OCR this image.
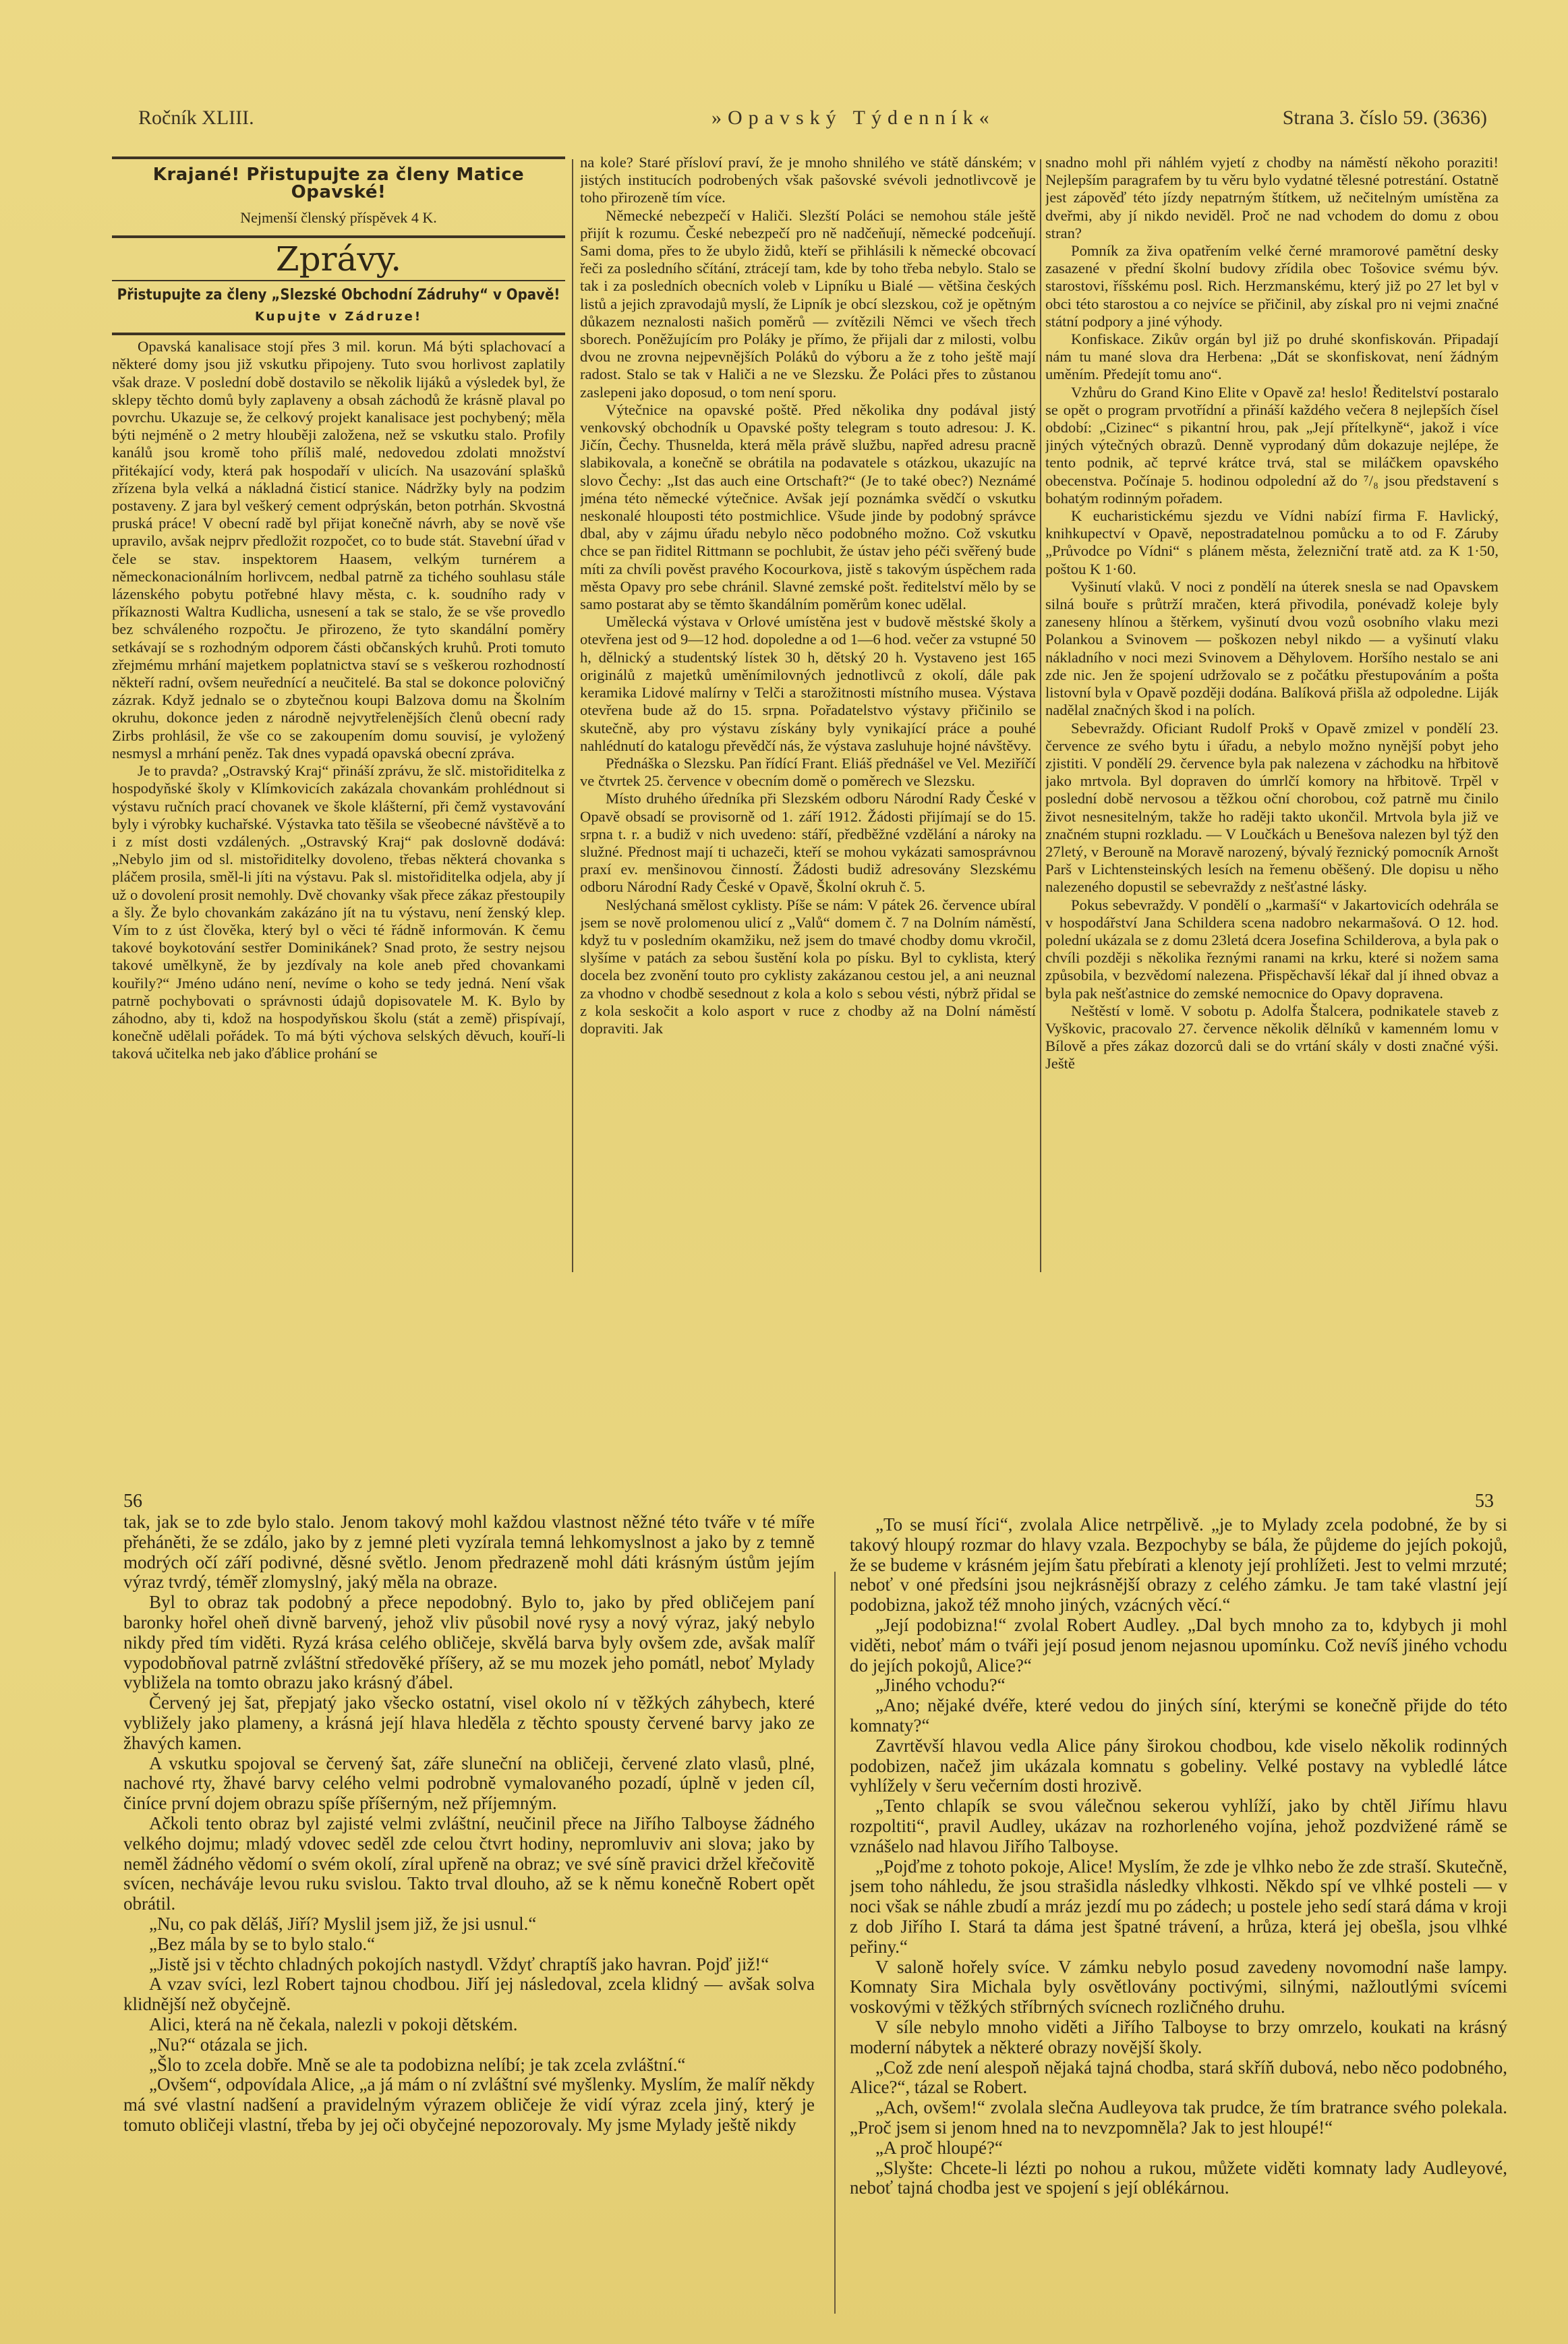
Ročník XLIII.	»Opavský Týdenník«	Strana 3. číslo 59. (3636)
Krajané! Přistupujte za členy Matice Opavské!
Nejmenší členský příspěvek 4 K.
Zprávy.
Přistupujte za členy „Slezské Obchodní Zádruhy“ v Opavě!
Kupujte v Zádruze!

Opavská kanalisace stojí přes 3 mil. korun. Má býti splachovací a některé domy jsou již vskutku připojeny. Tuto svou horlivost zaplatily však draze. V poslední době dostavilo se několik lijáků a výsledek byl, že sklepy těchto domů byly zaplaveny a obsah záchodů že krásně plaval po povrchu. Ukazuje se, že celkový projekt kanalisace jest pochybený; měla býti nejméně o 2 metry hlouběji založena, než se vskutku stalo. Profily kanálů jsou kromě toho příliš malé, nedovedou zdolati množství přitékající vody, která pak hospodaří v ulicích. Na usazování splašků zřízena byla velká a nákladná čisticí stanice. Nádržky byly na podzim postaveny. Z jara byl veškerý cement odprýskán, beton potrhán. Skvostná pruská práce! V obecní radě byl přijat konečně návrh, aby se nově vše upravilo, avšak nejprv předložit rozpočet, co to bude stát. Stavební úřad v čele se stav. inspektorem Haasem, velkým turnérem a německonacionálním horlivcem, nedbal patrně za tichého souhlasu stále lázenského pobytu potřebné hlavy města, c. k. soudního rady v příkaznosti Waltra Kudlicha, usnesení a tak se stalo, že se vše provedlo bez schváleného rozpočtu. Je přirozeno, že tyto skandální poměry setkávají se s rozhodným odporem části občanských kruhů. Proti tomuto zřejmému mrhání majetkem poplatnictva staví se s veškerou rozhodností někteří radní, ovšem neuřednící a neučitelé. Ba stal se dokonce polovičný zázrak. Když jednalo se o zbytečnou koupi Balzova domu na Školním okruhu, dokonce jeden z národně nejvytřelenějších členů obecní rady Zirbs prohlásil, že vše co se zakoupením domu souvisí, je vyložený nesmysl a mrhání peněz. Tak dnes vypadá opavská obecní zpráva.

Je to pravda? „Ostravský Kraj“ přináší zprávu, že slč. mistořiditelka z hospodyňské školy v Klímkovicích zakázala chovankám prohlédnout si výstavu ručních prací chovanek ve škole klášterní, při čemž vystavování byly i výrobky kuchařské. Výstavka tato těšila se všeobecné návštěvě a to i z míst dosti vzdálených. „Ostravský Kraj“ pak doslovně dodává: „Nebylo jim od sl. mistořiditelky dovoleno, třebas některá chovanka s pláčem prosila, směl-li jíti na výstavu. Pak sl. mistořiditelka odjela, aby jí už o dovolení prosit nemohly. Dvě chovanky však přece zákaz přestoupily a šly. Že bylo chovankám zakázáno jít na tu výstavu, není ženský klep. Vím to z úst člověka, který byl o věci té řádně informován. K čemu takové boykotování sestřer Dominikánek? Snad proto, že sestry nejsou takové umělkyně, že by jezdívaly na kole aneb před chovankami kouřily?“ Jméno udáno není, nevíme o koho se tedy jedná. Není však patrně pochybovati o správnosti údajů dopisovatele M. K. Bylo by záhodno, aby ti, kdož na hospodyňskou školu (stát a země) přispívají, konečně udělali pořádek. To má býti výchova selských děvuch, kouří-li taková učitelka neb jako ďáblice prohání se

na kole? Staré přísloví praví, že je mnoho shnilého ve státě dánském; v jistých institucích podrobených však pašovské svévoli jednotlivcově je toho přirozeně tím více.

Německé nebezpečí v Haliči. Slezští Poláci se nemohou stále ještě přijít k rozumu. České nebezpečí pro ně nadčeňují, německé podceňují. Sami doma, přes to že ubylo židů, kteří se přihlásili k německé obcovací řeči za posledního sčítání, ztrácejí tam, kde by toho třeba nebylo. Stalo se tak i za posledních obecních voleb v Lipníku u Bialé — většina českých listů a jejich zpravodajů myslí, že Lipník je obcí slezskou, což je opětným důkazem neznalosti našich poměrů — zvítězili Němci ve všech třech sborech. Poněžujícím pro Poláky je přímo, že přijali dar z milosti, volbu dvou ne zrovna nejpevnějších Poláků do výboru a že z toho ještě mají radost. Stalo se tak v Haliči a ne ve Slezsku. Že Poláci přes to zůstanou zaslepeni jako doposud, o tom není sporu.

Výtečnice na opavské poště. Před několika dny podával jistý venkovský obchodník u Opavské pošty telegram s touto adresou: J. K. Jičín, Čechy. Thusnelda, která měla právě službu, napřed adresu pracně slabikovala, a konečně se obrátila na podavatele s otázkou, ukazujíc na slovo Čechy: „Ist das auch eine Ortschaft?“ (Je to také obec?) Neznámé jména této německé výtečnice. Avšak její poznámka svědčí o vskutku neskonalé hlouposti této postmichlice. Všude jinde by podobný správce dbal, aby v zájmu úřadu nebylo něco podobného možno. Což vskutku chce se pan řiditel Rittmann se pochlubit, že ústav jeho péči svěřený bude míti za chvíli pověst pravého Kocourkova, jistě s takovým úspěchem rada města Opavy pro sebe chránil. Slavné zemské pošt. ředitelství mělo by se samo postarat aby se těmto škandálním poměrům konec udělal.

Umělecká výstava v Orlové umístěna jest v budově městské školy a otevřena jest od 9—12 hod. dopoledne a od 1—6 hod. večer za vstupné 50 h, dělnický a studentský lístek 30 h, dětský 20 h. Vystaveno jest 165 originálů z majetků uměnímilovných jednotlivců z okolí, dále pak keramika Lidové malírny v Telči a starožitnosti místního musea. Výstava otevřena bude až do 15. srpna. Pořadatelstvo výstavy přičinilo se skutečně, aby pro výstavu získány byly vynikající práce a pouhé nahlédnutí do katalogu převědčí nás, že výstava zasluhuje hojné návštěvy.

Přednáška o Slezsku. Pan řídící Frant. Eliáš přednášel ve Vel. Meziříčí ve čtvrtek 25. července v obecním domě o poměrech ve Slezsku.

Místo druhého úředníka při Slezském odboru Národní Rady České v Opavě obsadí se provisorně od 1. září 1912. Žádosti přijímají se do 15. srpna t. r. a budiž v nich uvedeno: stáří, předběžné vzdělání a nároky na služné. Přednost mají ti uchazeči, kteří se mohou vykázati samosprávnou praxí ev. menšinovou činností. Žádosti budiž adresovány Slezskému odboru Národní Rady České v Opavě, Školní okruh č. 5.

Neslýchaná smělost cyklisty. Píše se nám: V pátek 26. července ubíral jsem se nově prolomenou ulicí z „Valů“ domem č. 7 na Dolním náměstí, když tu v posledním okamžiku, než jsem do tmavé chodby domu vkročil, slyšíme v patách za sebou šustění kola po písku. Byl to cyklista, který docela bez zvonění touto pro cyklisty zakázanou cestou jel, a ani neuznal za vhodno v chodbě sesednout z kola a kolo s sebou vésti, nýbrž přidal se z kola seskočit a kolo asport v ruce z chodby až na Dolní náměstí dopraviti. Jak

snadno mohl při náhlém vyjetí z chodby na náměstí někoho poraziti! Nejlepším paragrafem by tu věru bylo vydatné tělesné potrestání. Ostatně jest zápověď této jízdy nepatrným štítkem, už nečitelným umístěna za dveřmi, aby jí nikdo neviděl. Proč ne nad vchodem do domu z obou stran?

Pomník za živa opatřením velké černé mramorové pamětní desky zasazené v přední školní budovy zřídila obec Tošovice svému býv. starostovi, říšskému posl. Rich. Herzmanskému, který již po 27 let byl v obci této starostou a co nejvíce se přičinil, aby získal pro ni vejmi značné státní podpory a jiné výhody.

Konfiskace. Zikův orgán byl již po druhé skonfiskován. Připadají nám tu mané slova dra Herbena: „Dát se skonfiskovat, není žádným uměním. Předejít tomu ano“.

Vzhůru do Grand Kino Elite v Opavě za! heslo! Ředitelství postaralo se opět o program prvotřídní a přináší každého večera 8 nejlepších čísel období: „Cizinec“ s pikantní hrou, pak „Její přítelkyně“, jakož i více jiných výtečných obrazů. Denně vyprodaný dům dokazuje nejlépe, že tento podnik, ač teprvé krátce trvá, stal se miláčkem opavského obecenstva. Počínaje 5. hodinou odpolední až do ⁷/₈ jsou představení s bohatým rodinným pořadem.

K eucharistickému sjezdu ve Vídni nabízí firma F. Havlický, knihkupectví v Opavě, nepostradatelnou pomůcku a to od F. Záruby „Průvodce po Vídni“ s plánem města, železniční tratě atd. za K 1·50, poštou K 1·60.

Vyšinutí vlaků. V noci z pondělí na úterek snesla se nad Opavskem silná bouře s průtrží mračen, která přivodila, ponévadž koleje byly zaneseny hlínou a štěrkem, vyšinutí dvou vozů osobního vlaku mezi Polankou a Svinovem — poškozen nebyl nikdo — a vyšinutí vlaku nákladního v noci mezi Svinovem a Děhylovem. Horšího nestalo se ani zde nic. Jen že spojení udržovalo se z počátku přestupováním a pošta listovní byla v Opavě později dodána. Balíková přišla až odpoledne. Liják nadělal značných škod i na polích.

Sebevraždy. Oficiant Rudolf Prokš v Opavě zmizel v pondělí 23. července ze svého bytu i úřadu, a nebylo možno nynější pobyt jeho zjistiti. V pondělí 29. července byla pak nalezena v záchodku na hřbitově jako mrtvola. Byl dopraven do úmrlčí komory na hřbitově. Trpěl v poslední době nervosou a těžkou oční chorobou, což patrně mu činilo život nesnesitelným, takže ho raději takto ukončil. Mrtvola byla již ve značném stupni rozkladu. — V Loučkách u Benešova nalezen byl týž den 27letý, v Berouně na Moravě narozený, bývalý řeznický pomocník Arnošt Parš v Lichtensteinských lesích na řemenu oběšený. Dle dopisu u něho nalezeného dopustil se sebevraždy z nešťastné lásky.

Pokus sebevraždy. V pondělí o „karmaší“ v Jakartovicích odehrála se v hospodářství Jana Schildera scena nadobro nekarmašová. O 12. hod. polední ukázala se z domu 23letá dcera Josefina Schilderova, a byla pak o chvíli později s několika řeznými ranami na krku, které si nožem sama způsobila, v bezvědomí nalezena. Přispěchavší lékař dal jí ihned obvaz a byla pak nešťastnice do zemské nemocnice do Opavy dopravena.

Neštěstí v lomě. V sobotu p. Adolfa Štalcera, podnikatele staveb z Vyškovic, pracovalo 27. července několik dělníků v kamenném lomu v Bílově a přes zákaz dozorců dali se do vrtání skály v dosti značné výši. Ještě

56	53

tak, jak se to zde bylo stalo. Jenom takový mohl každou vlastnost něžné této tváře v té míře přeháněti, že se zdálo, jako by z jemné pleti vyzírala temná lehkomyslnost a jako by z temně modrých očí září podivné, děsné světlo. Jenom předrazeně mohl dáti krásným ústům jejím výraz tvrdý, téměř zlomyslný, jaký měla na obraze.

Byl to obraz tak podobný a přece nepodobný. Bylo to, jako by před obličejem paní baronky hořel oheň divně barvený, jehož vliv působil nové rysy a nový výraz, jaký nebylo nikdy před tím viděti. Ryzá krása celého obličeje, skvělá barva byly ovšem zde, avšak malíř vypodobňoval patrně zvláštní středověké příšery, až se mu mozek jeho pomátl, neboť Mylady vybližela na tomto obrazu jako krásný ďábel.

Červený jej šat, přepjatý jako všecko ostatní, visel okolo ní v těžkých záhybech, které vybližely jako plameny, a krásná její hlava hleděla z těchto spousty červené barvy jako ze žhavých kamen.

A vskutku spojoval se červený šat, záře sluneční na obličeji, červené zlato vlasů, plné, nachové rty, žhavé barvy celého velmi podrobně vymalovaného pozadí, úplně v jeden cíl, činíce první dojem obrazu spíše příšerným, než příjemným.

Ačkoli tento obraz byl zajisté velmi zvláštní, neučinil přece na Jiřího Talboyse žádného velkého dojmu; mladý vdovec seděl zde celou čtvrt hodiny, nepromluviv ani slova; jako by neměl žádného vědomí o svém okolí, zíral upřeně na obraz; ve své síně pravici držel křečovitě svícen, necháváje levou ruku svislou. Takto trval dlouho, až se k němu konečně Robert opět obrátil.

„Nu, co pak děláš, Jiří? Myslil jsem již, že jsi usnul.“

„Bez mála by se to bylo stalo.“

„Jistě jsi v těchto chladných pokojích nastydl. Vždyť chraptíš jako havran. Pojď již!“

A vzav svíci, lezl Robert tajnou chodbou. Jiří jej následoval, zcela klidný — avšak solva klidnější než obyčejně.

Alici, která na ně čekala, nalezli v pokoji dětském.

„Nu?“ otázala se jich.

„Šlo to zcela dobře. Mně se ale ta podobizna nelíbí; je tak zcela zvláštní.“

„Ovšem“, odpovídala Alice, „a já mám o ní zvláštní své myšlenky. Myslím, že malíř někdy má své vlastní nadšení a pravidelným výrazem obličeje že vidí výraz zcela jiný, který je tomuto obličeji vlastní, třeba by jej oči obyčejné nepozorovaly. My jsme Mylady ještě nikdy

„To se musí říci“, zvolala Alice netrpělivě. „je to Mylady zcela podobné, že by si takový hloupý rozmar do hlavy vzala. Bezpochyby se bála, že půjdeme do jejích pokojů, že se budeme v krásném jejím šatu přebírati a klenoty její prohlížeti. Jest to velmi mrzuté; neboť v oné předsíni jsou nejkrásnější obrazy z celého zámku. Je tam také vlastní její podobizna, jakož též mnoho jiných, vzácných věcí.“

„Její podobizna!“ zvolal Robert Audley. „Dal bych mnoho za to, kdybych ji mohl viděti, neboť mám o tváři její posud jenom nejasnou upomínku. Což nevíš jiného vchodu do jejích pokojů, Alice?“

„Jiného vchodu?“

„Ano; nějaké dvéře, které vedou do jiných síní, kterými se konečně přijde do této komnaty?“

Zavrtěvší hlavou vedla Alice pány širokou chodbou, kde viselo několik rodinných podobizen, načež jim ukázala komnatu s gobeliny. Velké postavy na vybledlé látce vyhlížely v šeru večerním dosti hrozivě.

„Tento chlapík se svou válečnou sekerou vyhlíží, jako by chtěl Jiřímu hlavu rozpoltiti“, pravil Audley, ukázav na rozhorleného vojína, jehož pozdvižené rámě se vznášelo nad hlavou Jiřího Talboyse.

„Pojďme z tohoto pokoje, Alice! Myslím, že zde je vlhko nebo že zde straší. Skutečně, jsem toho náhledu, že jsou strašidla následky vlhkosti. Někdo spí ve vlhké posteli — v noci však se náhle zbudí a mráz jezdí mu po zádech; u postele jeho sedí stará dáma v kroji z dob Jiřího I. Stará ta dáma jest špatné trávení, a hrůza, která jej obešla, jsou vlhké peřiny.“

V saloně hořely svíce. V zámku nebylo posud zavedeny novomodní naše lampy. Komnaty Sira Michala byly osvětlovány poctivými, silnými, nažloutlými svícemi voskovými v těžkých stříbrných svícnech rozličného druhu.

V síle nebylo mnoho viděti a Jiřího Talboyse to brzy omrzelo, koukati na krásný moderní nábytek a některé obrazy novější školy.

„Což zde není alespoň nějaká tajná chodba, stará skříň dubová, nebo něco podobného, Alice?“, tázal se Robert.

„Ach, ovšem!“ zvolala slečna Audleyova tak prudce, že tím bratrance svého polekala. „Proč jsem si jenom hned na to nevzpomněla? Jak to jest hloupé!“

„A proč hloupé?“

„Slyšte: Chcete-li lézti po nohou a rukou, můžete viděti komnaty lady Audleyové, neboť tajná chodba jest ve spojení s její oblékárnou.
